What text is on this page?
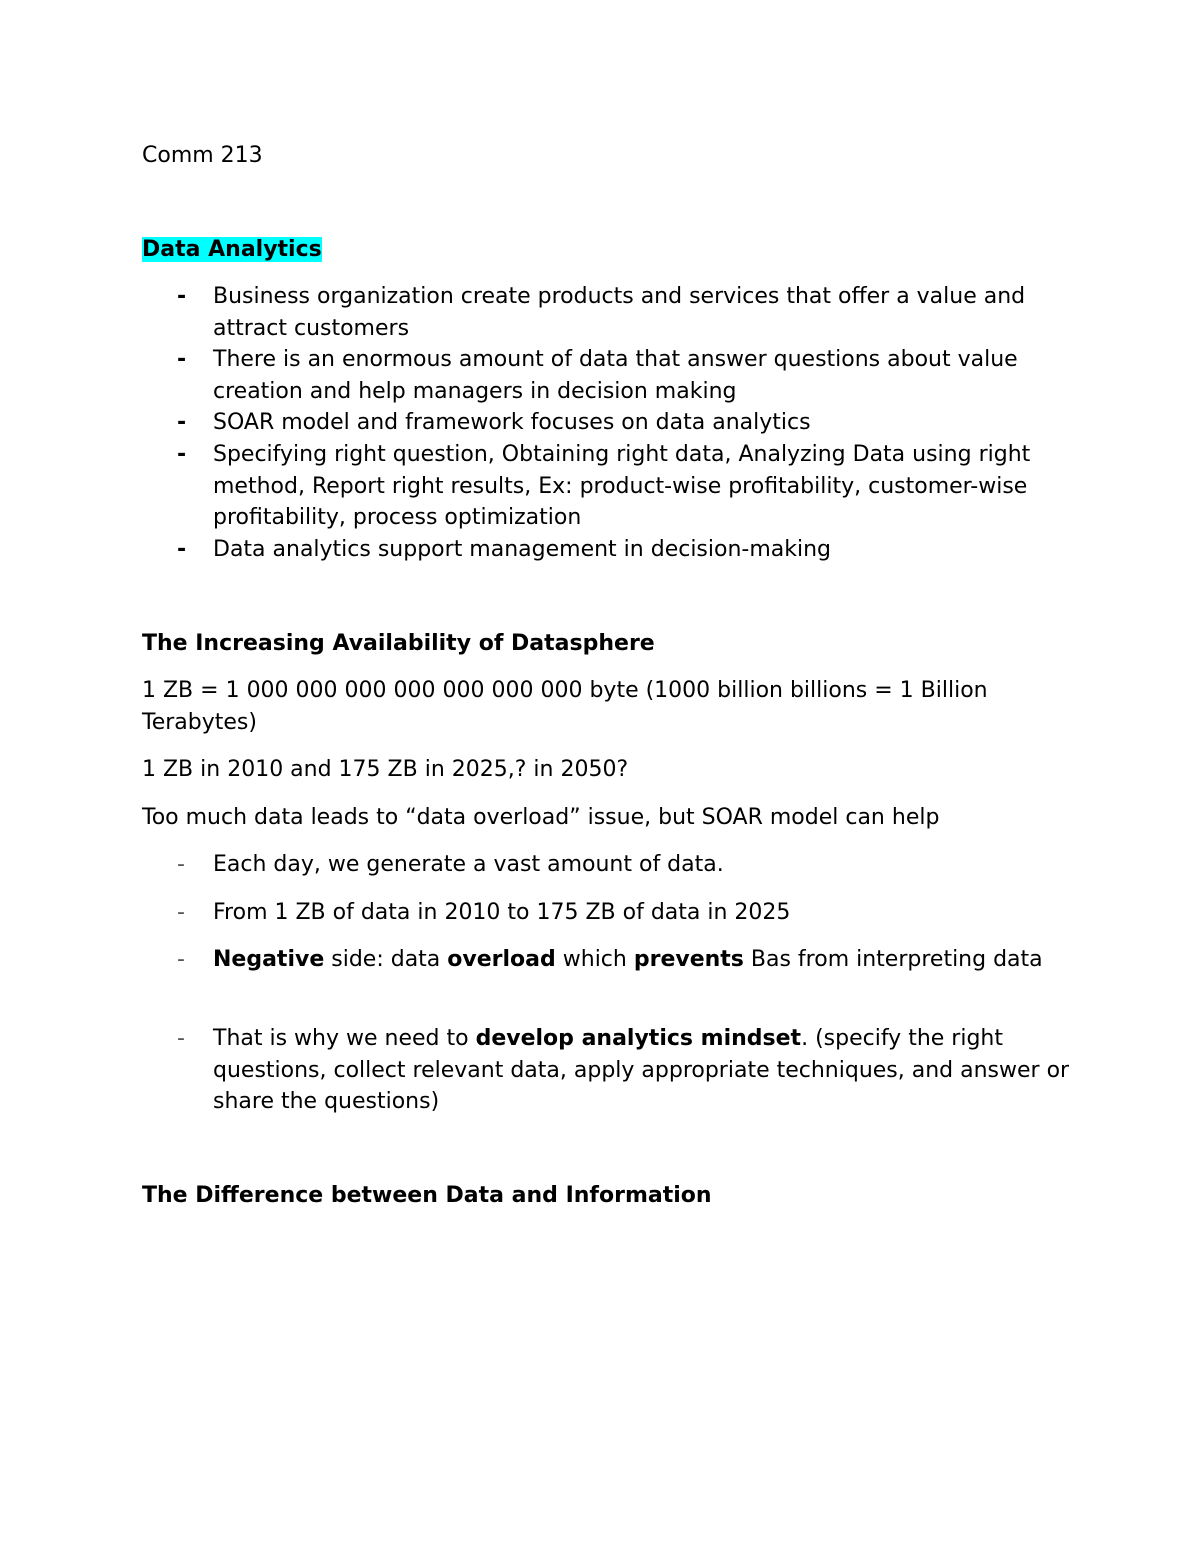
Comm 213
Data Analytics
- Business organization create products and services that offer a value and attract customers
- There is an enormous amount of data that answer questions about value creation and help managers in decision making
- SOAR model and framework focuses on data analytics
- Specifying right question, Obtaining right data, Analyzing Data using right method, Report right results, Ex: product-wise profitability, customer-wise profitability, process optimization
- Data analytics support management in decision-making
The Increasing Availability of Datasphere
1 ZB = 1 000 000 000 000 000 000 000 byte (1000 billion billions = 1 Billion
Terabytes)
1 ZB in 2010 and 175 ZB in 2025,? in 2050?
Too much data leads to “data overload” issue, but SOAR model can help
- Each day, we generate a vast amount of data.
- From 1 ZB of data in 2010 to 175 ZB of data in 2025
- Negative side: data overload which prevents Bas from interpreting data
- That is why we need to develop analytics mindset. (specify the right questions, collect relevant data, apply appropriate techniques, and answer or share the questions)
The Difference between Data and Information
